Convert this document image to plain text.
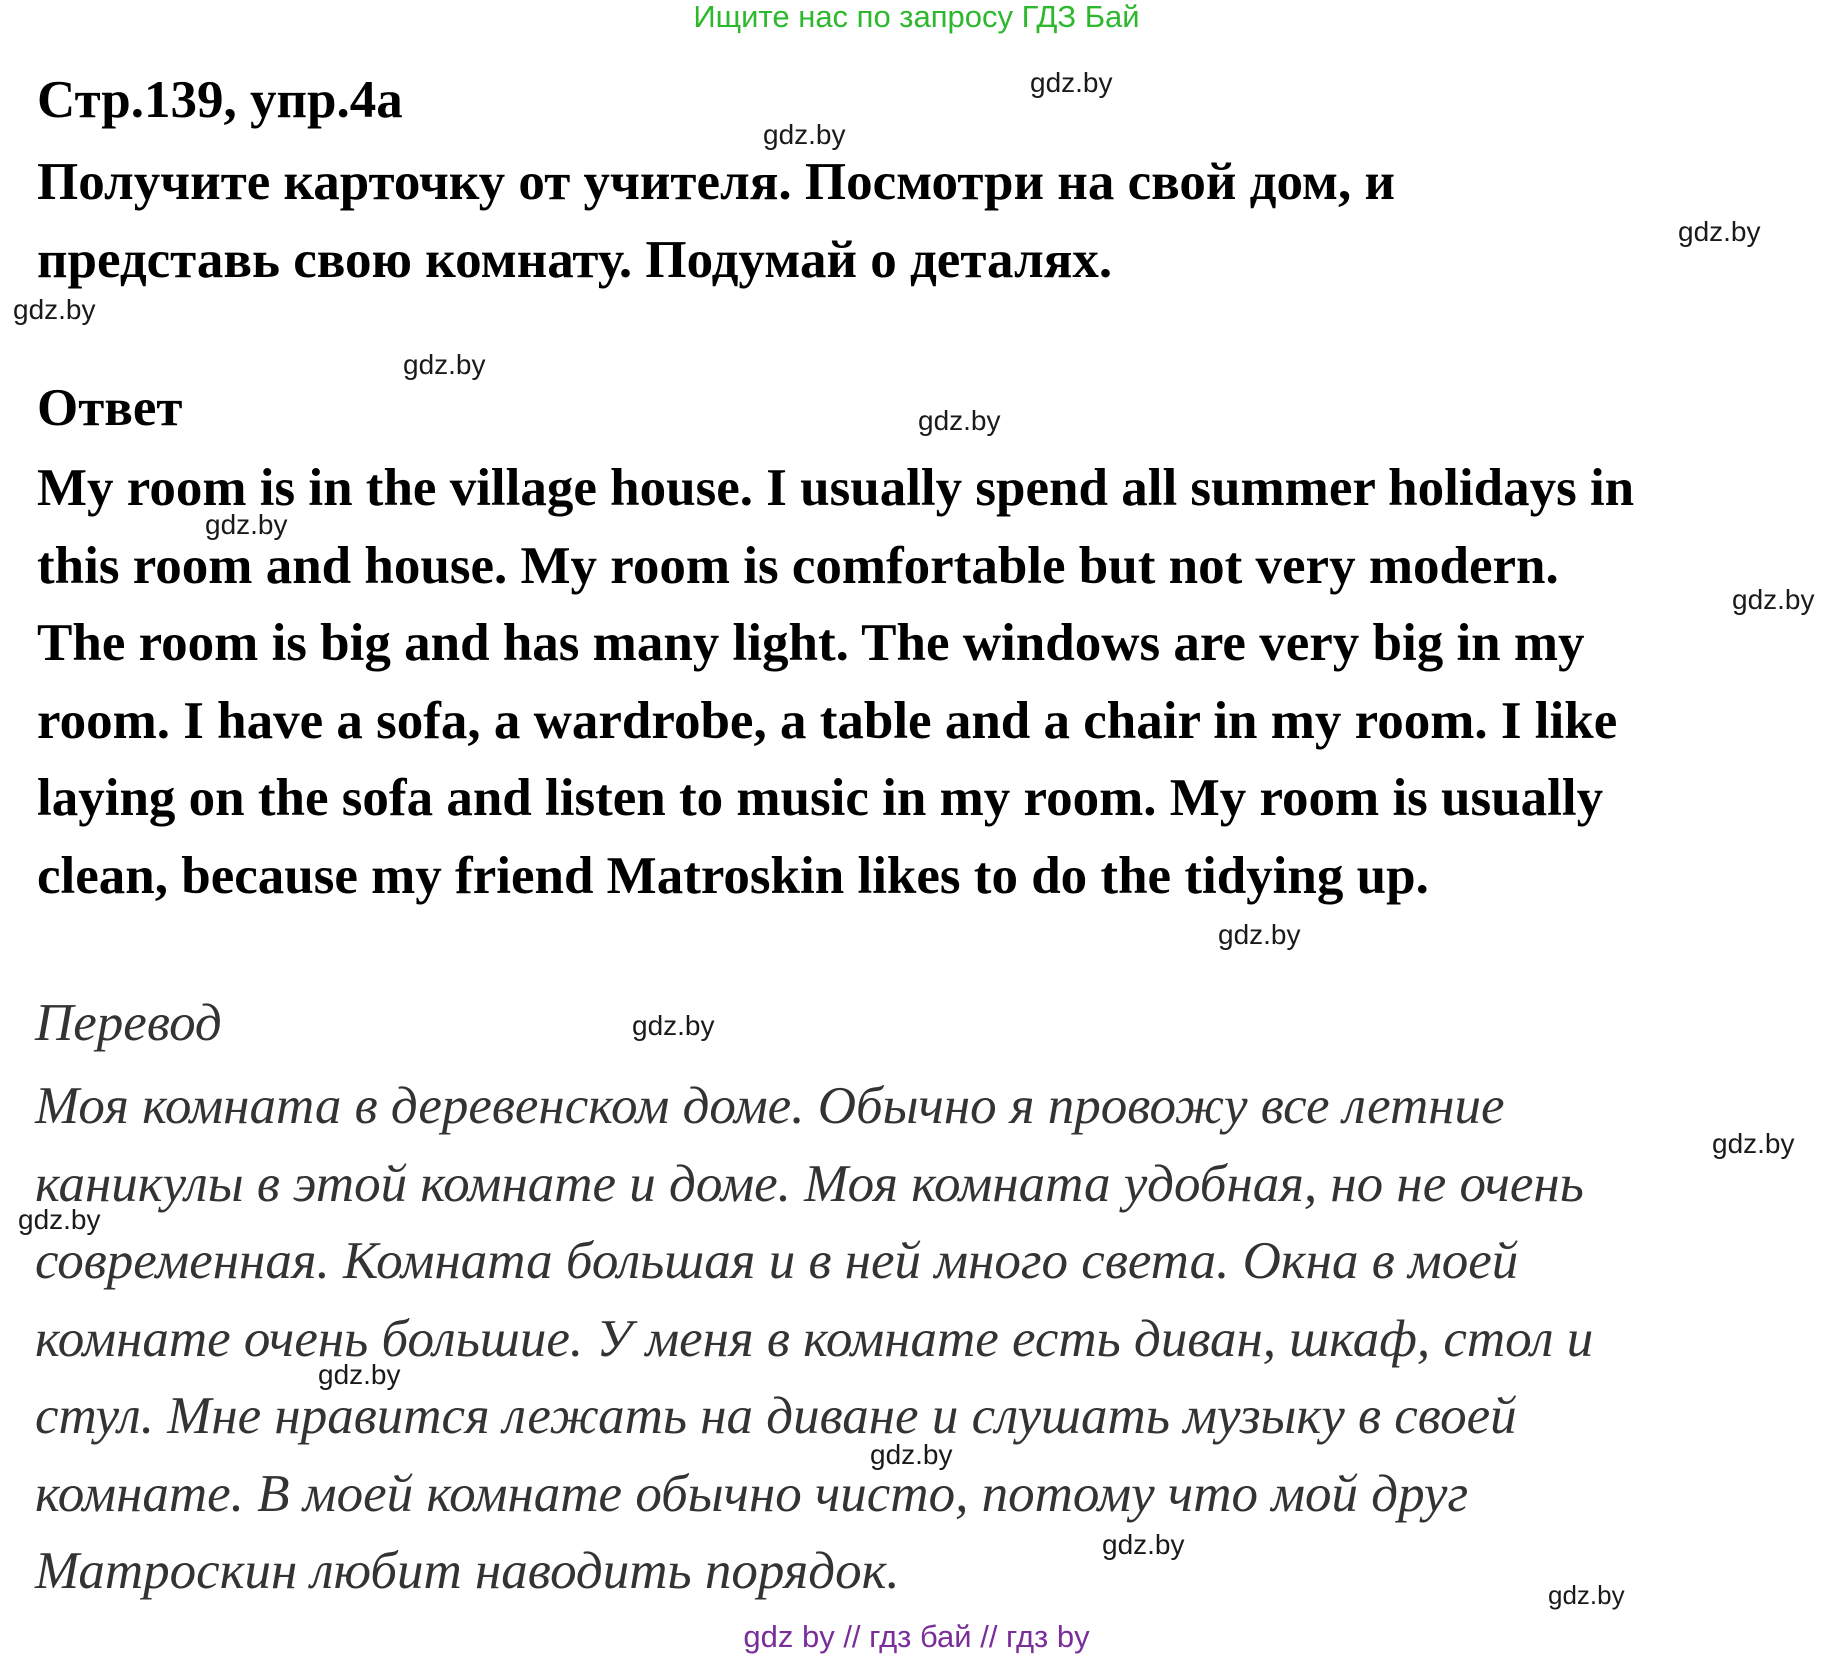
Ищите нас по запросу ГДЗ Бай
Стр.139, упр.4а
Получите карточку от учителя. Посмотри на свой дом, и
представь свою комнату. Подумай о деталях.
Ответ
My room is in the village house. I usually spend all summer holidays in
this room and house. My room is comfortable but not very modern.
The room is big and has many light. The windows are very big in my
room. I have a sofa, a wardrobe, a table and a chair in my room. I like
laying on the sofa and listen to music in my room. My room is usually
clean, because my friend Matroskin likes to do the tidying up.
Перевод
Моя комната в деревенском доме. Обычно я провожу все летние
каникулы в этой комнате и доме. Моя комната удобная, но не очень
современная. Комната большая и в ней много света. Окна в моей
комнате очень большие. У меня в комнате есть диван, шкаф, стол и
стул. Мне нравится лежать на диване и слушать музыку в своей
комнате. В моей комнате обычно чисто, потому что мой друг
Матроскин любит наводить порядок.
gdz.by
gdz.by
gdz.by
gdz.by
gdz.by
gdz.by
gdz.by
gdz.by
gdz.by
gdz.by
gdz.by
gdz.by
gdz.by
gdz.by
gdz.by
gdz.by
gdz by // гдз бай // гдз by
